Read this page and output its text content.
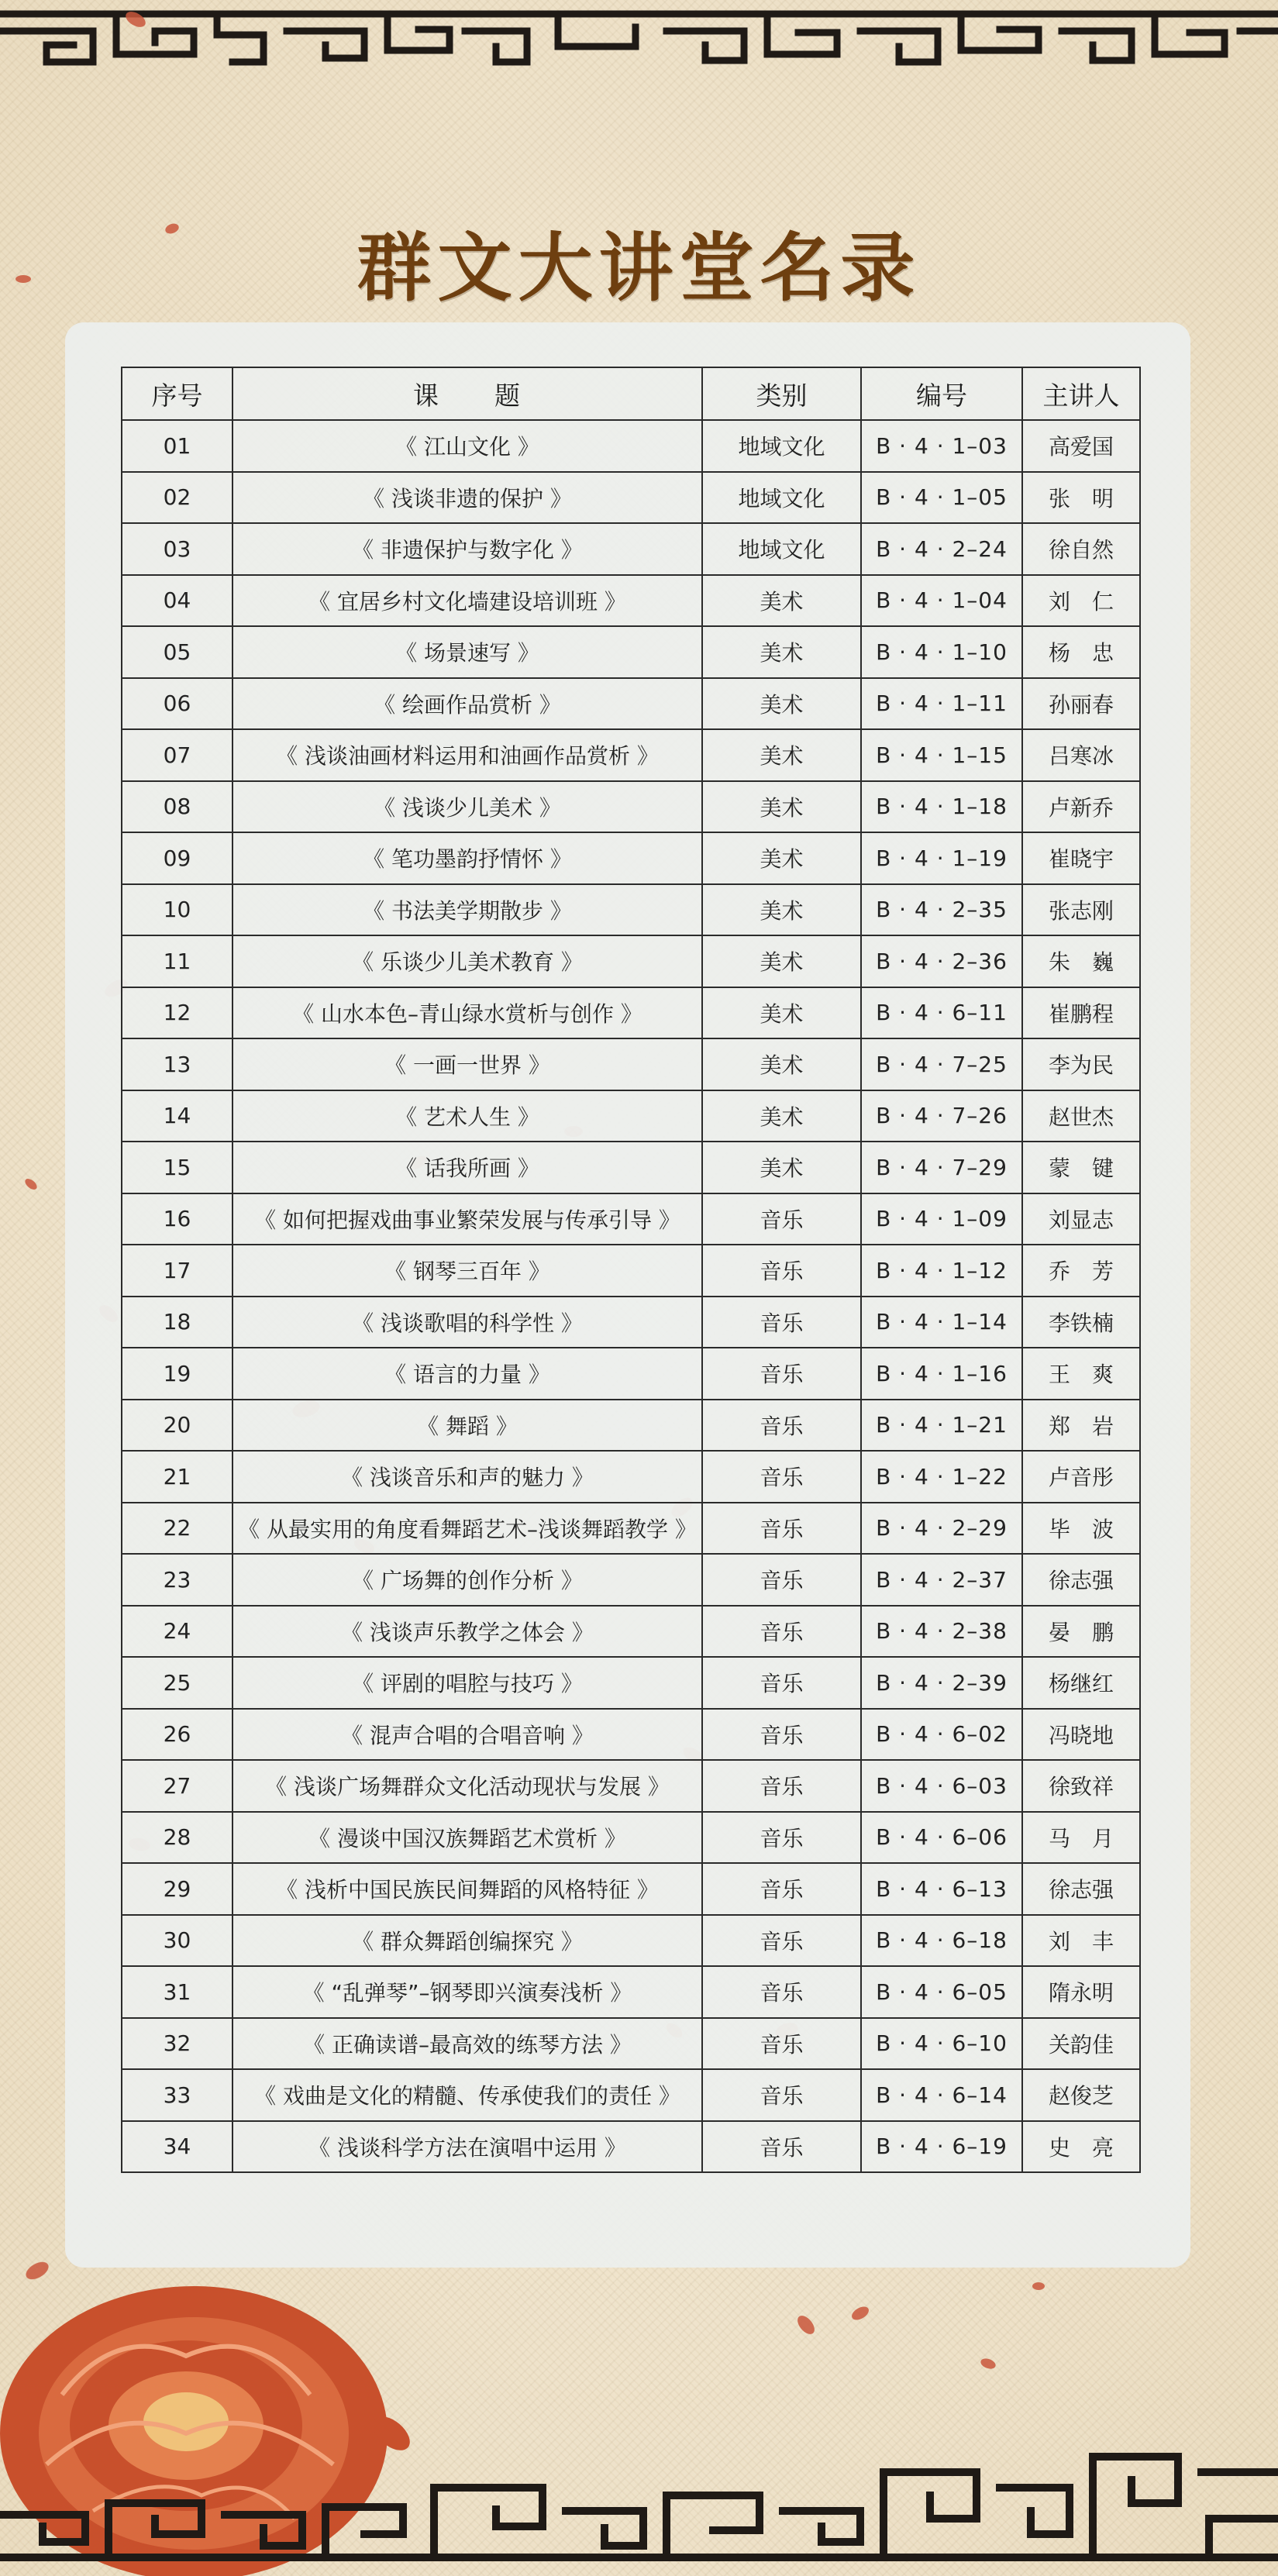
群文大讲堂名录
序号	课　　题	类别	编号	主讲人
01	《 江山文化 》	地域文化	B · 4 · 1–03	高爱国
02	《 浅谈非遗的保护 》	地域文化	B · 4 · 1–05	张　明
03	《 非遗保护与数字化 》	地域文化	B · 4 · 2–24	徐自然
04	《 宜居乡村文化墙建设培训班 》	美术	B · 4 · 1–04	刘　仁
05	《 场景速写 》	美术	B · 4 · 1–10	杨　忠
06	《 绘画作品赏析 》	美术	B · 4 · 1–11	孙丽春
07	《 浅谈油画材料运用和油画作品赏析 》	美术	B · 4 · 1–15	吕寒冰
08	《 浅谈少儿美术 》	美术	B · 4 · 1–18	卢新乔
09	《 笔功墨韵抒情怀 》	美术	B · 4 · 1–19	崔晓宇
10	《 书法美学期散步 》	美术	B · 4 · 2–35	张志刚
11	《 乐谈少儿美术教育 》	美术	B · 4 · 2–36	朱　巍
12	《 山水本色–青山绿水赏析与创作 》	美术	B · 4 · 6–11	崔鹏程
13	《 一画一世界 》	美术	B · 4 · 7–25	李为民
14	《 艺术人生 》	美术	B · 4 · 7–26	赵世杰
15	《 话我所画 》	美术	B · 4 · 7–29	蒙　键
16	《 如何把握戏曲事业繁荣发展与传承引导 》	音乐	B · 4 · 1–09	刘显志
17	《 钢琴三百年 》	音乐	B · 4 · 1–12	乔　芳
18	《 浅谈歌唱的科学性 》	音乐	B · 4 · 1–14	李铁楠
19	《 语言的力量 》	音乐	B · 4 · 1–16	王　爽
20	《 舞蹈 》	音乐	B · 4 · 1–21	郑　岩
21	《 浅谈音乐和声的魅力 》	音乐	B · 4 · 1–22	卢音彤
22	《 从最实用的角度看舞蹈艺术–浅谈舞蹈教学 》	音乐	B · 4 · 2–29	毕　波
23	《 广场舞的创作分析 》	音乐	B · 4 · 2–37	徐志强
24	《 浅谈声乐教学之体会 》	音乐	B · 4 · 2–38	晏　鹏
25	《 评剧的唱腔与技巧 》	音乐	B · 4 · 2–39	杨继红
26	《 混声合唱的合唱音响 》	音乐	B · 4 · 6–02	冯晓地
27	《 浅谈广场舞群众文化活动现状与发展 》	音乐	B · 4 · 6–03	徐致祥
28	《 漫谈中国汉族舞蹈艺术赏析 》	音乐	B · 4 · 6–06	马　月
29	《 浅析中国民族民间舞蹈的风格特征 》	音乐	B · 4 · 6–13	徐志强
30	《 群众舞蹈创编探究 》	音乐	B · 4 · 6–18	刘　丰
31	《 “乱弹琴”–钢琴即兴演奏浅析 》	音乐	B · 4 · 6–05	隋永明
32	《 正确读谱–最高效的练琴方法 》	音乐	B · 4 · 6–10	关韵佳
33	《 戏曲是文化的精髓、传承使我们的责任 》	音乐	B · 4 · 6–14	赵俊芝
34	《 浅谈科学方法在演唱中运用 》	音乐	B · 4 · 6–19	史　亮
